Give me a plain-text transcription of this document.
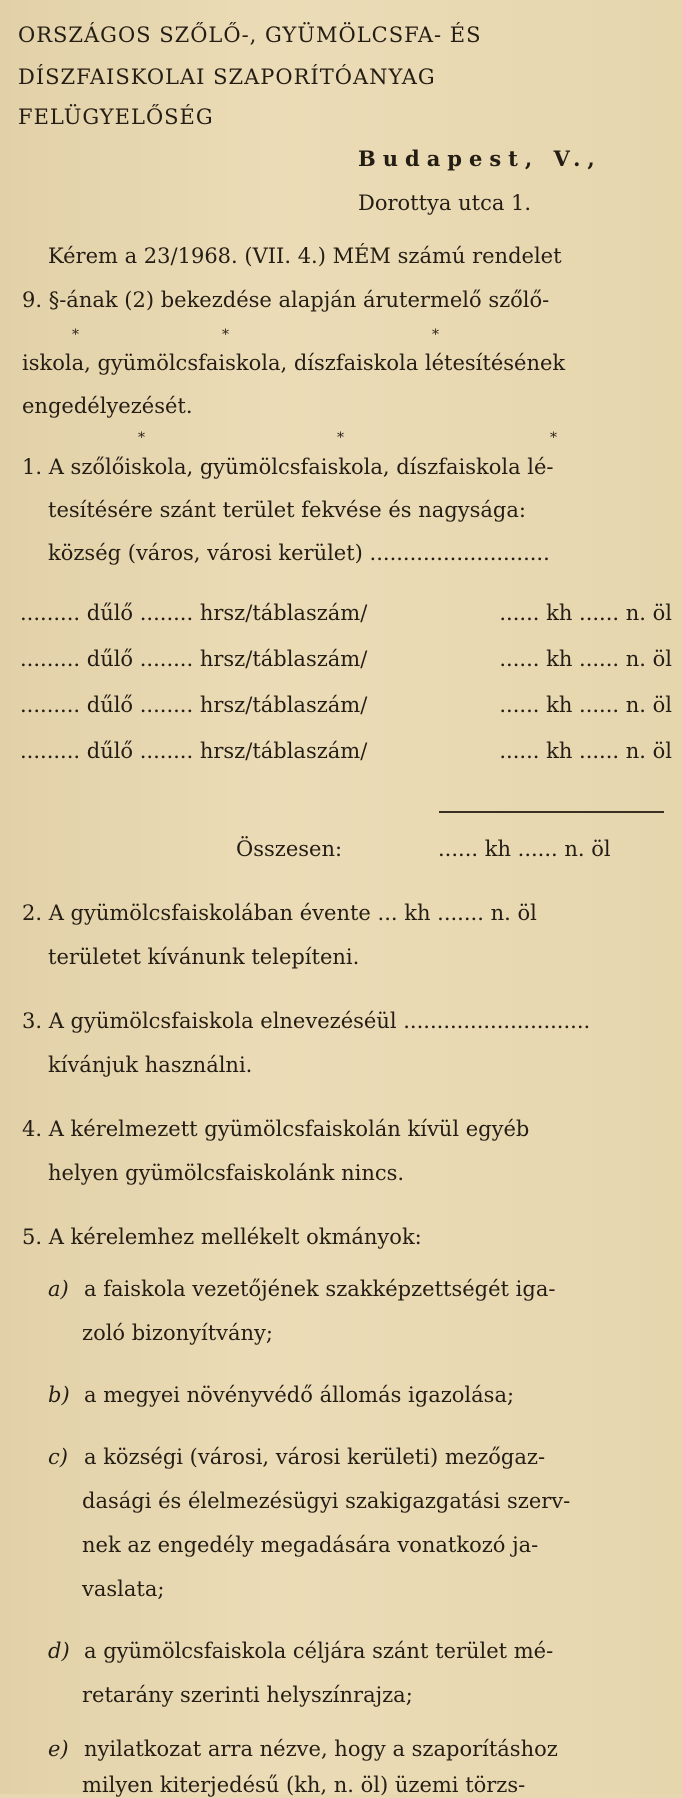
ORSZÁGOS SZŐLŐ-, GYÜMÖLCSFA- ÉS
DÍSZFAISKOLAI SZAPORÍTÓANYAG
FELÜGYELŐSÉG
Budapest, V.,
Dorottya utca 1.
Kérem a 23/1968. (VII. 4.) MÉM számú rendelet
9. §-ának (2) bekezdése alapján árutermelő szőlő-
*	*	*
iskola, gyümölcsfaiskola, díszfaiskola létesítésének
engedélyezését.
*	*	*
1. A szőlőiskola, gyümölcsfaiskola, díszfaiskola lé-
tesítésére szánt terület fekvése és nagysága:
község (város, városi kerület) ...........................
......... dűlő ........ hrsz/táblaszám/	...... kh ...... n. öl
......... dűlő ........ hrsz/táblaszám/	...... kh ...... n. öl
......... dűlő ........ hrsz/táblaszám/	...... kh ...... n. öl
......... dűlő ........ hrsz/táblaszám/	...... kh ...... n. öl
Összesen:	...... kh ...... n. öl
2. A gyümölcsfaiskolában évente ... kh ....... n. öl
területet kívánunk telepíteni.
3. A gyümölcsfaiskola elnevezéséül ............................
kívánjuk használni.
4. A kérelmezett gyümölcsfaiskolán kívül egyéb
helyen gyümölcsfaiskolánk nincs.
5. A kérelemhez mellékelt okmányok:
a) a faiskola vezetőjének szakképzettségét iga-
zoló bizonyítvány;
b) a megyei növényvédő állomás igazolása;
c) a községi (városi, városi kerületi) mezőgaz-
dasági és élelmezésügyi szakigazgatási szerv-
nek az engedély megadására vonatkozó ja-
vaslata;
d) a gyümölcsfaiskola céljára szánt terület mé-
retarány szerinti helyszínrajza;
e) nyilatkozat arra nézve, hogy a szaporításhoz
milyen kiterjedésű (kh, n. öl) üzemi törzs-
